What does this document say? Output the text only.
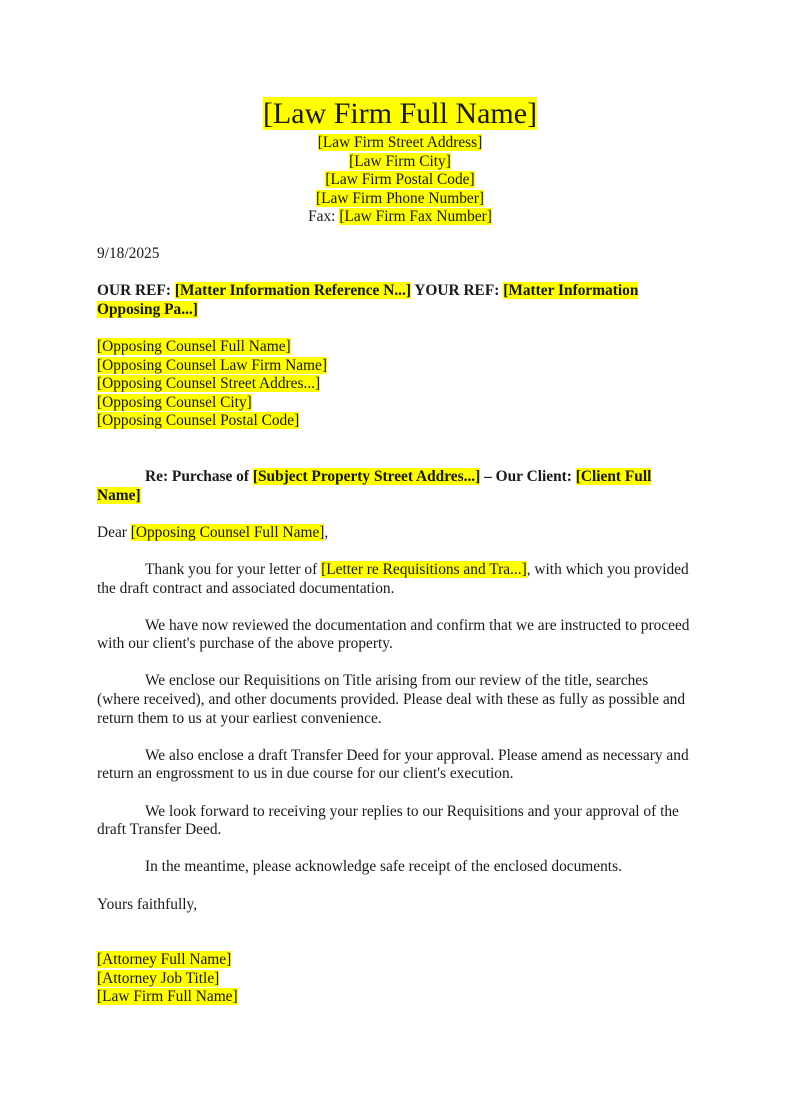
[Law Firm Full Name]
[Law Firm Street Address]
[Law Firm City]
[Law Firm Postal Code]
[Law Firm Phone Number]
Fax: [Law Firm Fax Number]

9/18/2025

OUR REF: [Matter Information Reference N...] YOUR REF: [Matter Information Opposing Pa...]

[Opposing Counsel Full Name]
[Opposing Counsel Law Firm Name]
[Opposing Counsel Street Addres...]
[Opposing Counsel City]
[Opposing Counsel Postal Code]

Re: Purchase of [Subject Property Street Addres...] – Our Client: [Client Full Name]

Dear [Opposing Counsel Full Name],

Thank you for your letter of [Letter re Requisitions and Tra...], with which you provided the draft contract and associated documentation.

We have now reviewed the documentation and confirm that we are instructed to proceed with our client's purchase of the above property.

We enclose our Requisitions on Title arising from our review of the title, searches (where received), and other documents provided. Please deal with these as fully as possible and return them to us at your earliest convenience.

We also enclose a draft Transfer Deed for your approval. Please amend as necessary and return an engrossment to us in due course for our client's execution.

We look forward to receiving your replies to our Requisitions and your approval of the draft Transfer Deed.

In the meantime, please acknowledge safe receipt of the enclosed documents.

Yours faithfully,

[Attorney Full Name]
[Attorney Job Title]
[Law Firm Full Name]
